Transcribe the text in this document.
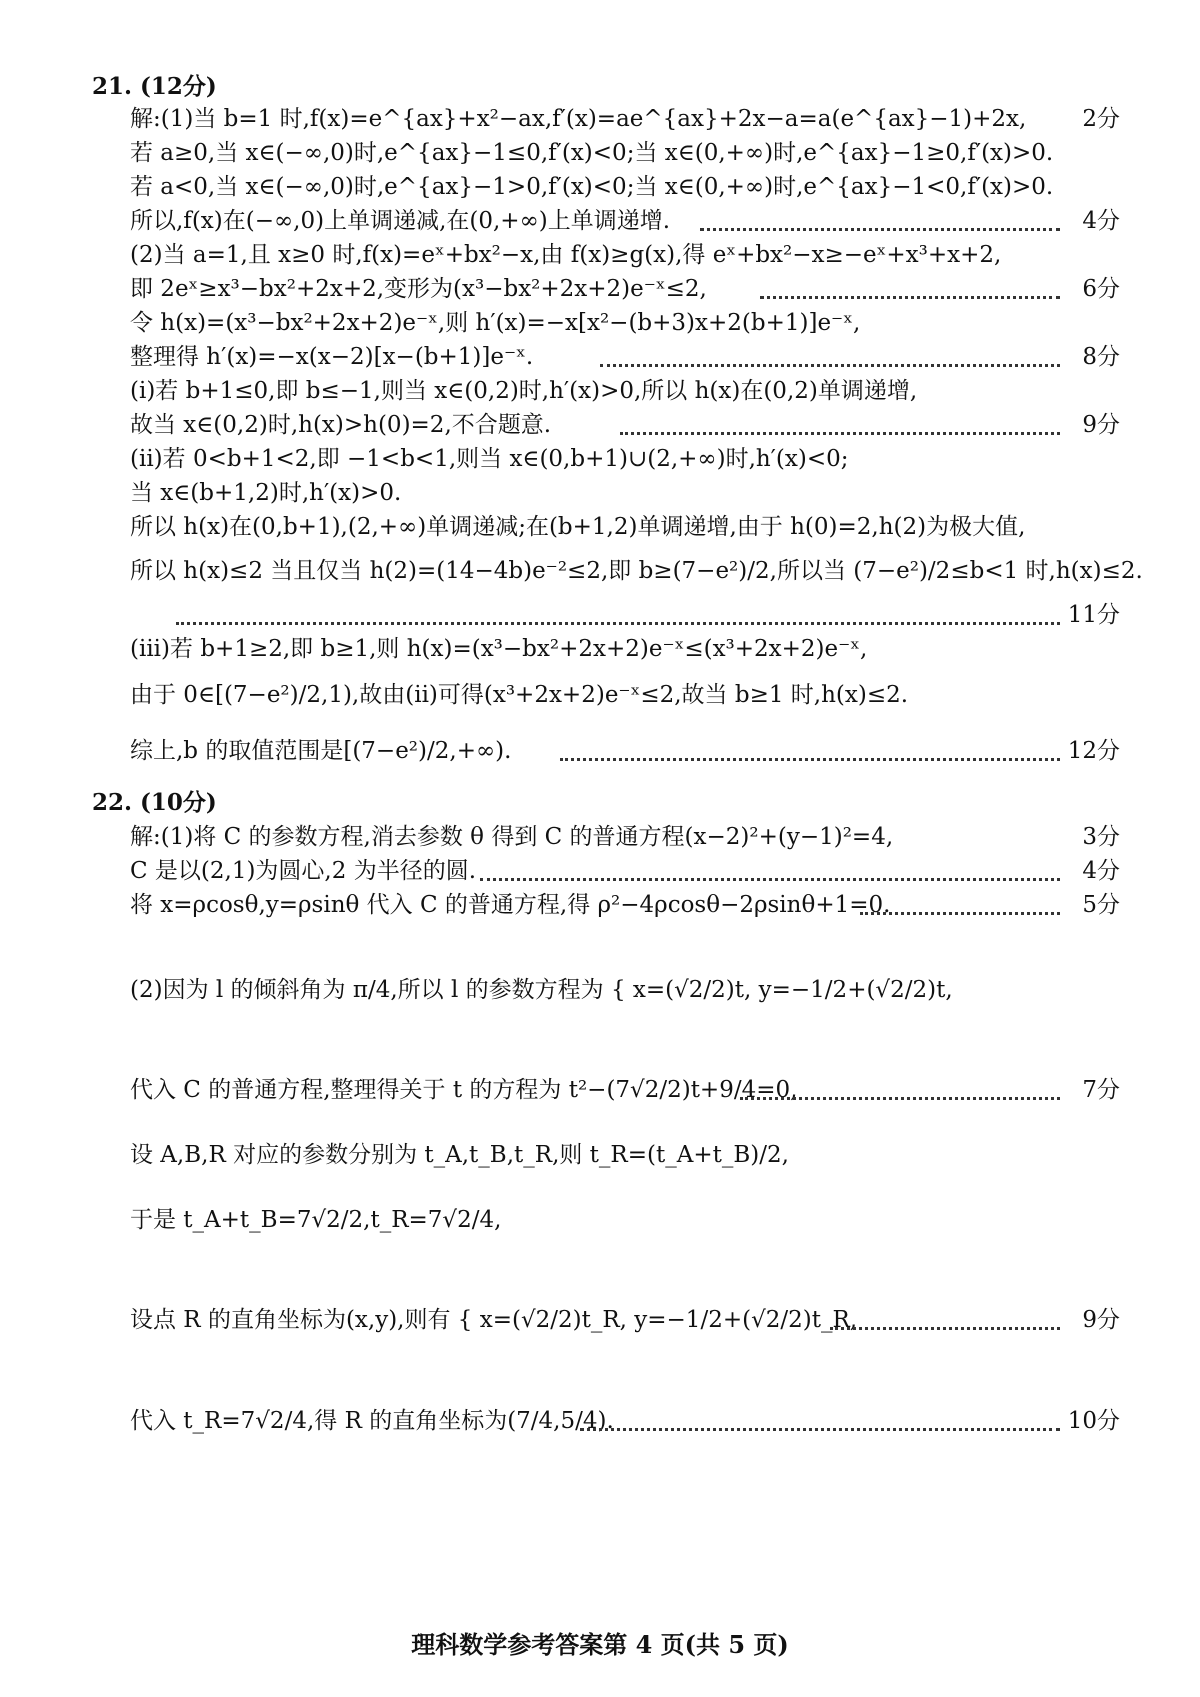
21. (12分)
解:(1)当 b=1 时,f(x)=e^{ax}+x²−ax,f′(x)=ae^{ax}+2x−a=a(e^{ax}−1)+2x, 2分
若 a≥0,当 x∈(−∞,0)时,e^{ax}−1≤0,f′(x)<0;当 x∈(0,+∞)时,e^{ax}−1≥0,f′(x)>0.
若 a<0,当 x∈(−∞,0)时,e^{ax}−1>0,f′(x)<0;当 x∈(0,+∞)时,e^{ax}−1<0,f′(x)>0.
所以,f(x)在(−∞,0)上单调递减,在(0,+∞)上单调递增.	4分
(2)当 a=1,且 x≥0 时,f(x)=eˣ+bx²−x,由 f(x)≥g(x),得 eˣ+bx²−x≥−eˣ+x³+x+2,
即 2eˣ≥x³−bx²+2x+2,变形为(x³−bx²+2x+2)e⁻ˣ≤2,	6分
令 h(x)=(x³−bx²+2x+2)e⁻ˣ,则 h′(x)=−x[x²−(b+3)x+2(b+1)]e⁻ˣ,
整理得 h′(x)=−x(x−2)[x−(b+1)]e⁻ˣ.	8分
(i)若 b+1≤0,即 b≤−1,则当 x∈(0,2)时,h′(x)>0,所以 h(x)在(0,2)单调递增,
故当 x∈(0,2)时,h(x)>h(0)=2,不合题意.	9分
(ii)若 0<b+1<2,即 −1<b<1,则当 x∈(0,b+1)∪(2,+∞)时,h′(x)<0;
当 x∈(b+1,2)时,h′(x)>0.
所以 h(x)在(0,b+1),(2,+∞)单调递减;在(b+1,2)单调递增,由于 h(0)=2,h(2)为极大值,
所以 h(x)≤2 当且仅当 h(2)=(14−4b)e⁻²≤2,即 b≥(7−e²)/2,所以当 (7−e²)/2≤b<1 时,h(x)≤2.
11分
(iii)若 b+1≥2,即 b≥1,则 h(x)=(x³−bx²+2x+2)e⁻ˣ≤(x³+2x+2)e⁻ˣ,
由于 0∈[(7−e²)/2,1),故由(ii)可得(x³+2x+2)e⁻ˣ≤2,故当 b≥1 时,h(x)≤2.
综上,b 的取值范围是[(7−e²)/2,+∞).	12分
22. (10分)
解:(1)将 C 的参数方程,消去参数 θ 得到 C 的普通方程(x−2)²+(y−1)²=4,	3分
C 是以(2,1)为圆心,2 为半径的圆.	4分
将 x=ρcosθ,y=ρsinθ 代入 C 的普通方程,得 ρ²−4ρcosθ−2ρsinθ+1=0.	5分
(2)因为 l 的倾斜角为 π/4,所以 l 的参数方程为 { x=(√2/2)t, y=−1/2+(√2/2)t,
代入 C 的普通方程,整理得关于 t 的方程为 t²−(7√2/2)t+9/4=0,	7分
设 A,B,R 对应的参数分别为 t_A,t_B,t_R,则 t_R=(t_A+t_B)/2,
于是 t_A+t_B=7√2/2,t_R=7√2/4,
设点 R 的直角坐标为(x,y),则有 { x=(√2/2)t_R, y=−1/2+(√2/2)t_R,	9分
代入 t_R=7√2/4,得 R 的直角坐标为(7/4,5/4).	10分
理科数学参考答案第 4 页(共 5 页)
